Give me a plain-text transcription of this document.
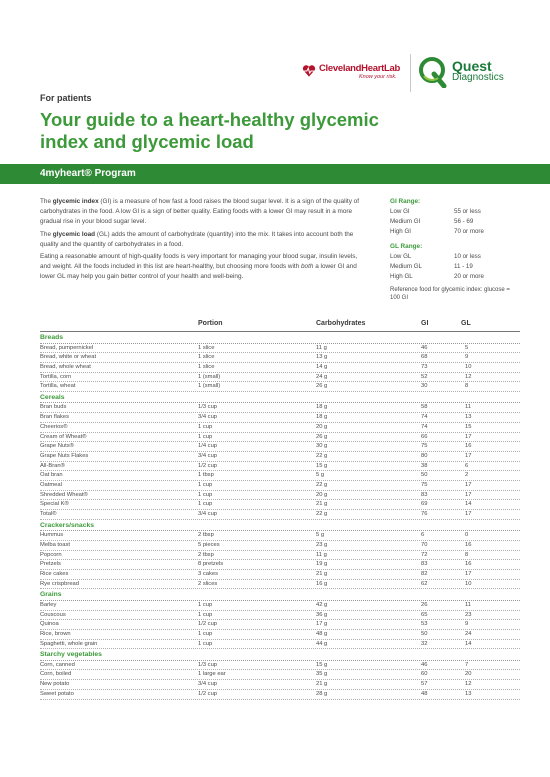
ClevelandHeartLab
Know your risk.
Quest
Diagnostics
For patients
Your guide to a heart-healthy glycemic index and glycemic load
4myheart® Program

The glycemic index (GI) is a measure of how fast a food raises the blood sugar level. It is a sign of the quality of carbohydrates in the food. A low GI is a sign of better quality. Eating foods with a lower GI may result in a more gradual rise in your blood sugar level.

The glycemic load (GL) adds the amount of carbohydrate (quantity) into the mix. It takes into account both the quality and the quantity of carbohydrates in a food.

Eating a reasonable amount of high-quality foods is very important for managing your blood sugar, insulin levels, and weight. All the foods included in this list are heart-healthy, but choosing more foods with both a lower GI and lower GL may help you gain better control of your health and well-being.

GI Range:
Low GI	55 or less
Medium GI	56 - 69
High GI	70 or more
GL Range:
Low GL	10 or less
Medium GL	11 - 19
High GL	20 or more
Reference food for glycemic index: glucose = 100 GI
Portion	Carbohydrates	GI	GL
Breads
Bread, pumpernickel	1 slice	11 g	46	5
Bread, white or wheat	1 slice	13 g	68	9
Bread, whole wheat	1 slice	14 g	73	10
Tortilla, corn	1 (small)	24 g	52	12
Tortilla, wheat	1 (small)	26 g	30	8
Cereals
Bran buds	1/3 cup	18 g	58	11
Bran flakes	3/4 cup	18 g	74	13
Cheerios®	1 cup	20 g	74	15
Cream of Wheat®	1 cup	26 g	66	17
Grape Nuts®	1/4 cup	30 g	75	16
Grape Nuts Flakes	3/4 cup	22 g	80	17
All-Bran®	1/2 cup	15 g	38	6
Oat bran	1 tbsp	5 g	50	2
Oatmeal	1 cup	22 g	75	17
Shredded Wheat®	1 cup	20 g	83	17
Special K®	1 cup	21 g	69	14
Total®	3/4 cup	22 g	76	17
Crackers/snacks
Hummus	2 tbsp	5 g	6	0
Melba toast	5 pieces	23 g	70	16
Popcorn	2 tbsp	11 g	72	8
Pretzels	8 pretzels	19 g	83	16
Rice cakes	3 cakes	21 g	82	17
Rye crispbread	2 slices	16 g	62	10
Grains
Barley	1 cup	42 g	26	11
Couscous	1 cup	36 g	65	23
Quinoa	1/2 cup	17 g	53	9
Rice, brown	1 cup	48 g	50	24
Spaghetti, whole grain	1 cup	44 g	32	14
Starchy vegetables
Corn, canned	1/3 cup	15 g	46	7
Corn, boiled	1 large ear	35 g	60	20
New potato	3/4 cup	21 g	57	12
Sweet potato	1/2 cup	28 g	48	13
